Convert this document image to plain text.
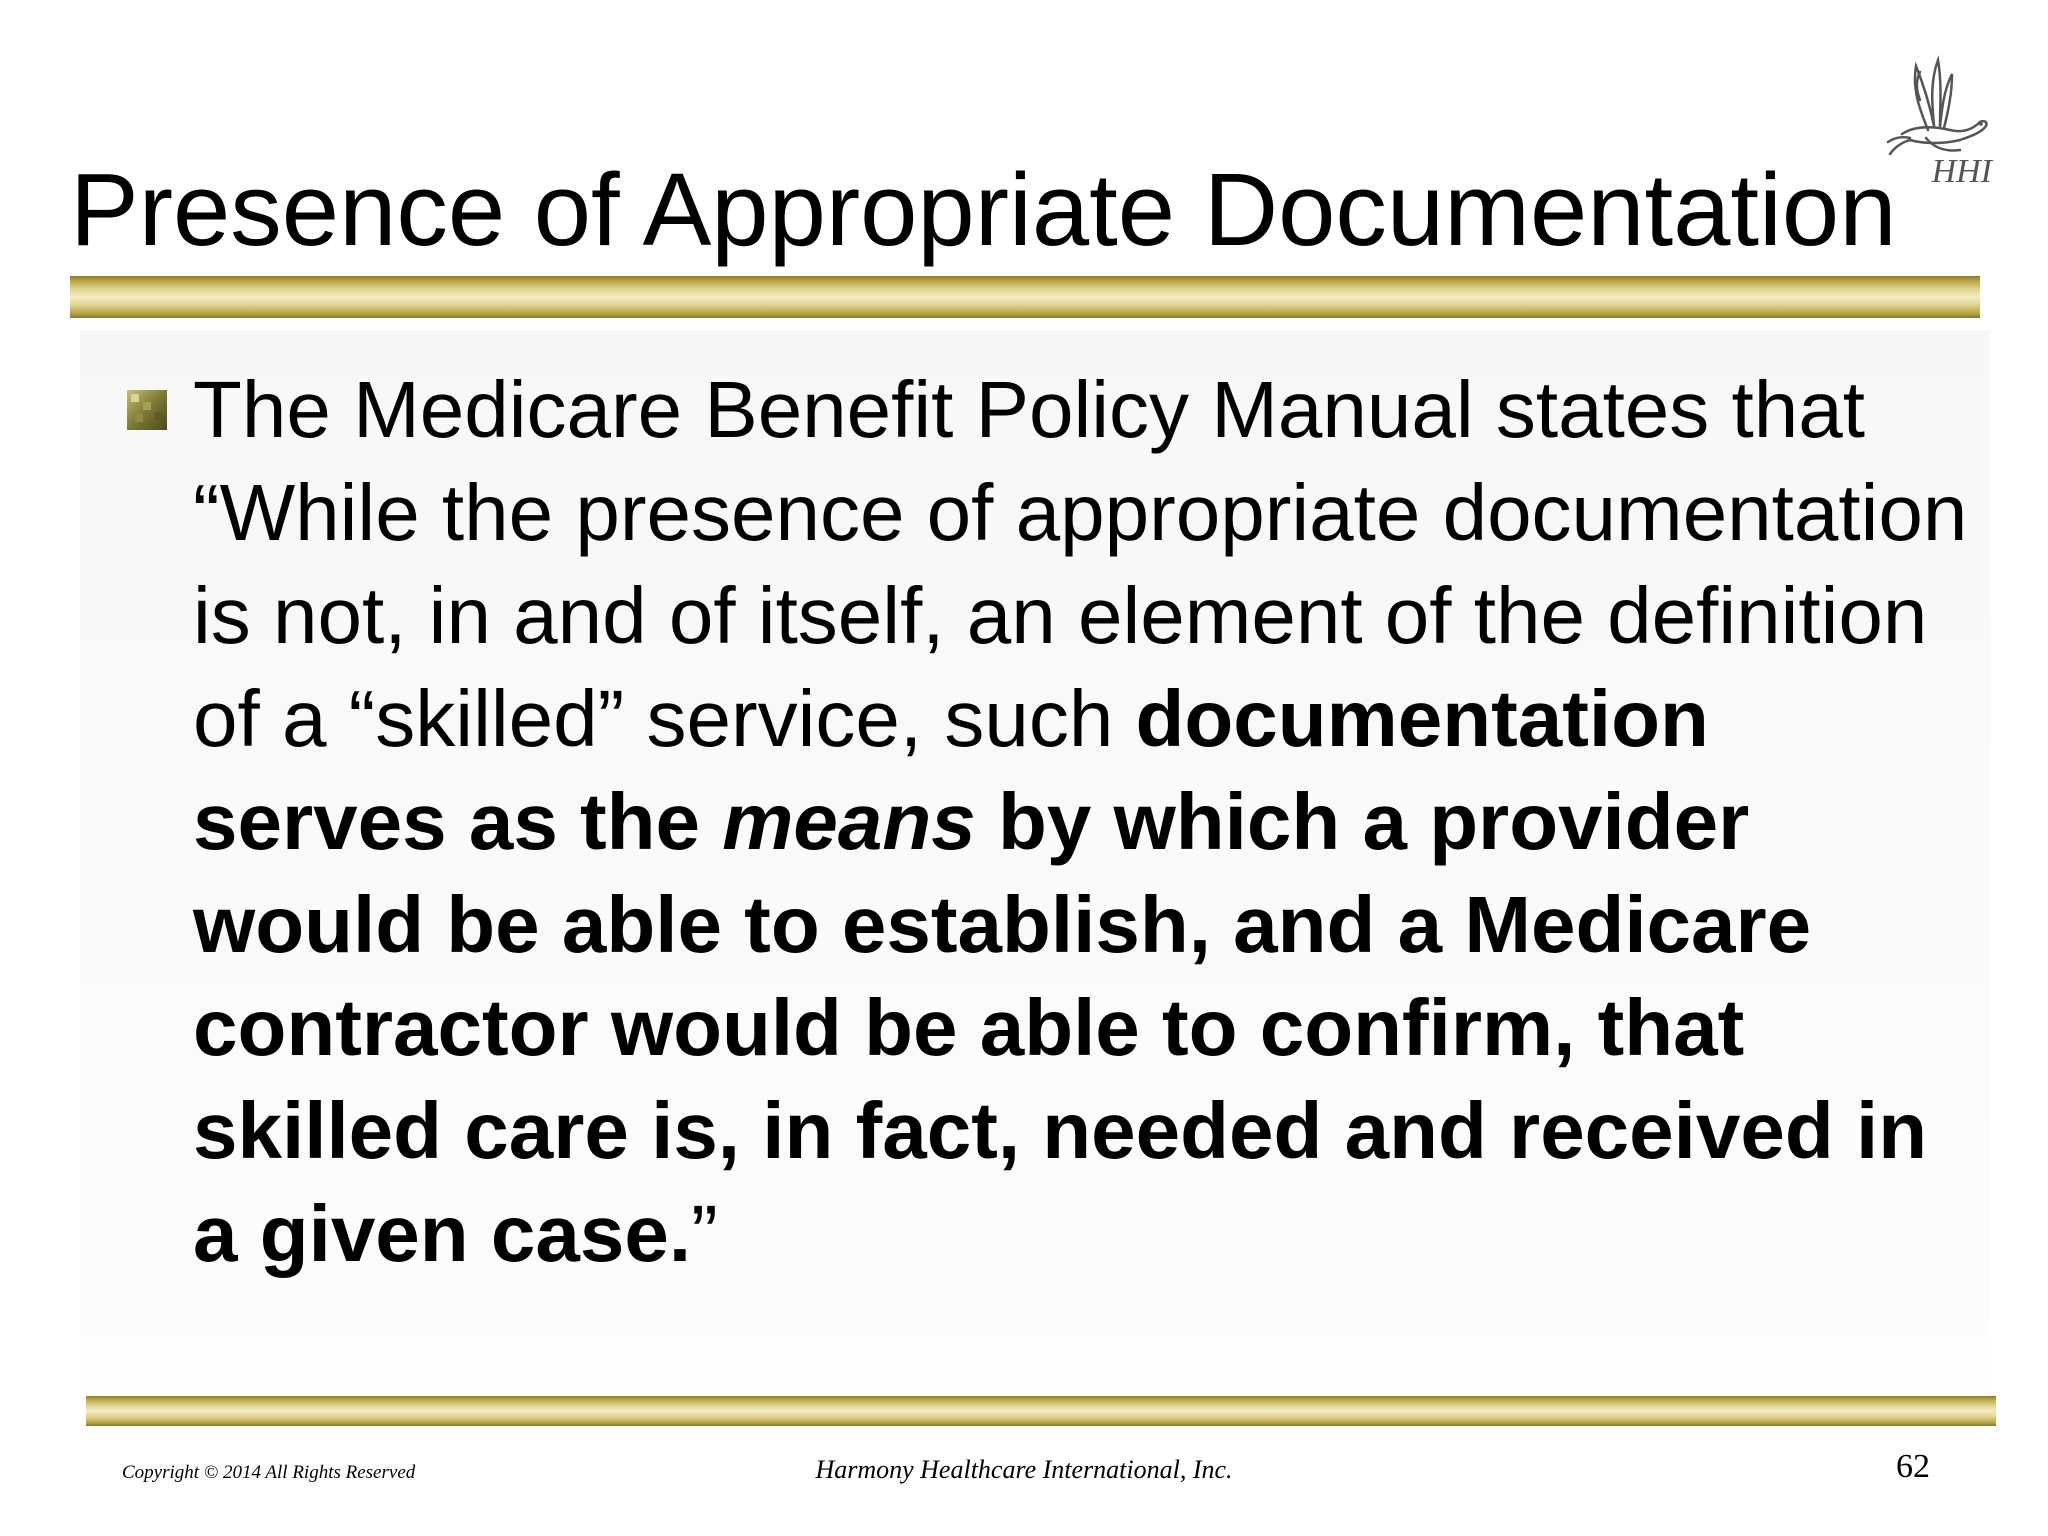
Presence of Appropriate Documentation HHI

The Medicare Benefit Policy Manual states that “While the presence of appropriate documentation is not, in and of itself, an element of the definition of a “skilled” service, such documentation serves as the means by which a provider would be able to establish, and a Medicare contractor would be able to confirm, that skilled care is, in fact, needed and received in a given case.”

Copyright © 2014 All Rights Reserved	Harmony Healthcare International, Inc.	62
